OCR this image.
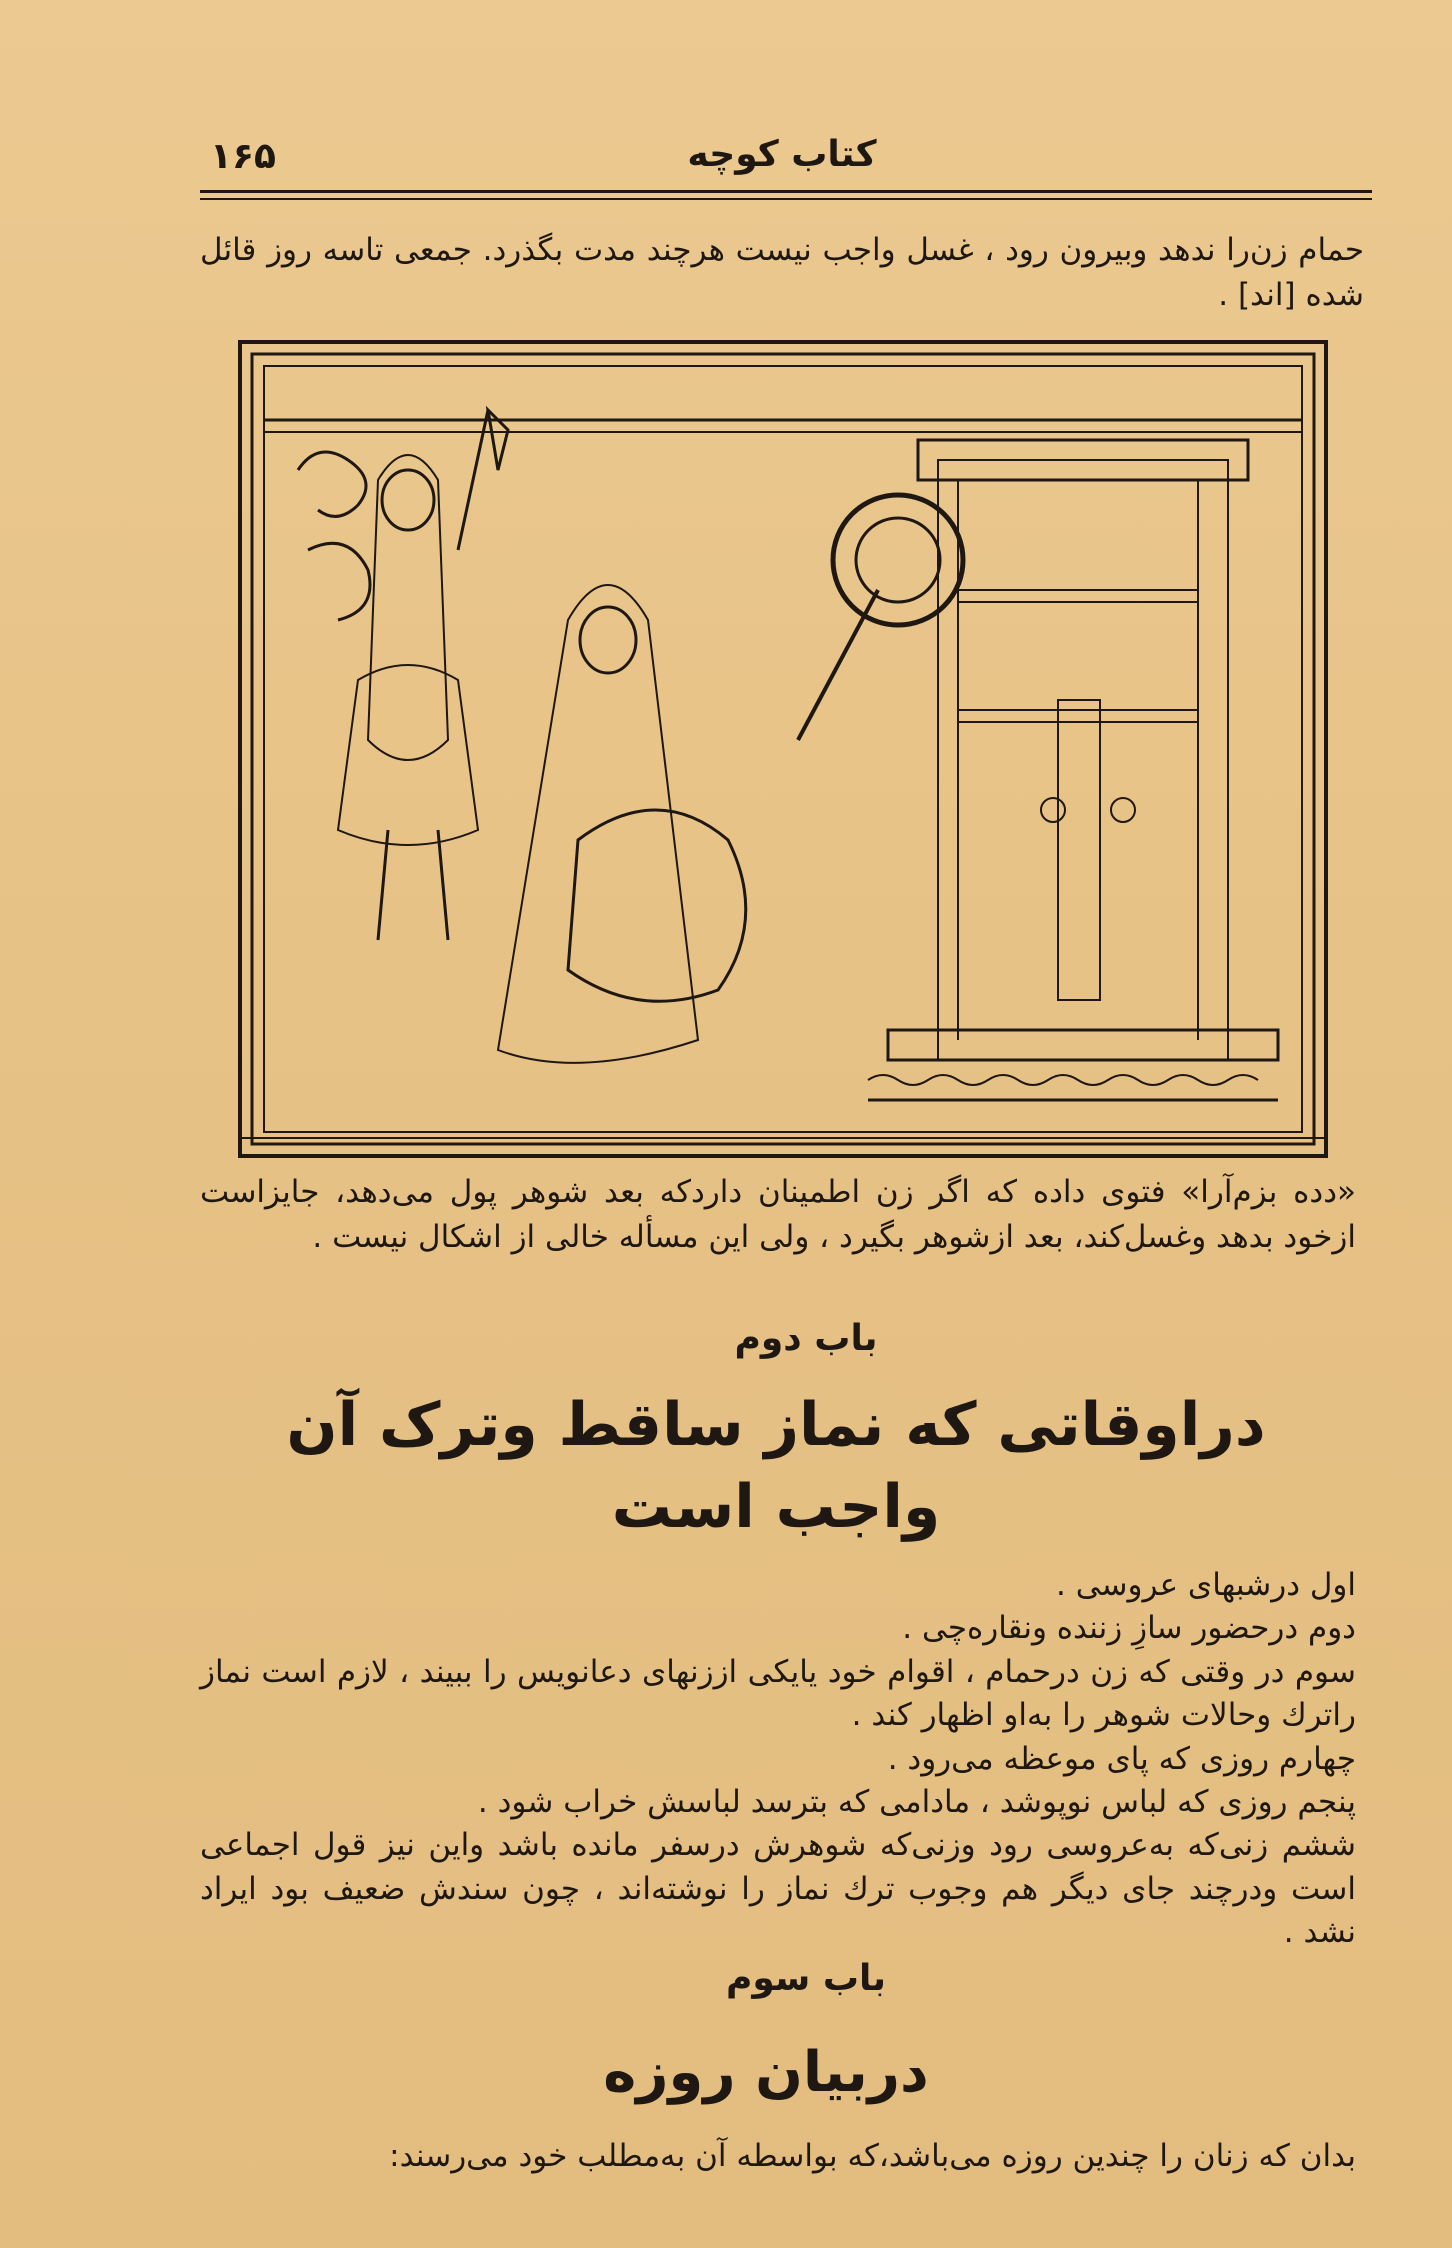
۱۶۵	کتاب کوچه
حمام زن‌را ندهد وبیرون رود ، غسل واجب نیست هرچند مدت بگذرد. جمعی تاسه روز قائل شده [اند] .
«دده بزم‌آرا» فتوی داده که اگر زن اطمینان داردکه بعد شوهر پول می‌دهد، جایزاست ازخود بدهد وغسل‌کند، بعد ازشوهر بگیرد ، ولی این مسأله خالی از اشکال نیست .
باب دوم
دراوقاتی که نماز ساقط وترک آن
واجب است
اول درشبهای عروسی .
دوم درحضور سازِ زننده ونقاره‌چی .
سوم در وقتی که زن درحمام ، اقوام خود یایکی اززنهای دعانویس را ببیند ، لازم است نماز راترك وحالات شوهر را به‌او اظهار کند .
چهارم روزی که پای موعظه می‌رود .
پنجم روزی که لباس نوپوشد ، مادامی که بترسد لباسش خراب شود .
ششم زنی‌که به‌عروسی رود وزنی‌که شوهرش درسفر مانده باشد واین نیز قول اجماعی است ودرچند جای دیگر هم وجوب ترك نماز را نوشته‌اند ، چون سندش ضعیف بود ایراد نشد .
باب سوم
دربیان روزه
بدان که زنان را چندین روزه می‌باشد،که بواسطه آن به‌مطلب خود می‌رسند:
